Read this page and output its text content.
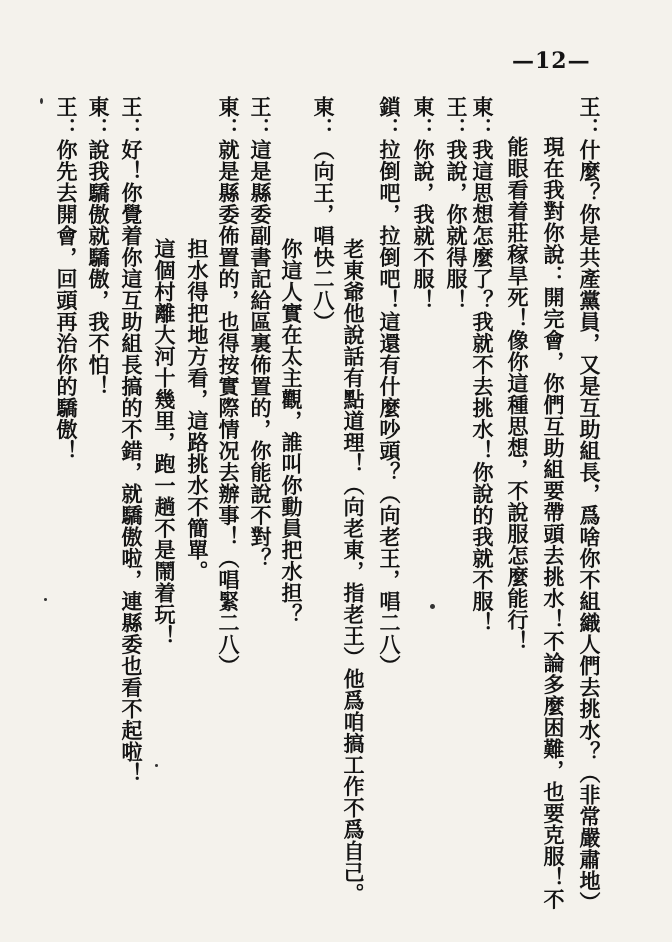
—12—
王：什麼？你是共產黨員，又是互助組長，爲啥你不組織人們去挑水？（非常嚴肅地）
現在我對你說：開完會，你們互助組要帶頭去挑水！不論多麼困難，也要克服！不
能眼看着莊稼旱死！像你這種思想，不說服怎麼能行！
東：我這思想怎麼了？我就不去挑水！你說的我就不服！
王：我說，你就得服！
東：你說，我就不服！
鎖：拉倒吧，拉倒吧！這還有什麼吵頭？（向老王，唱二八）
老東爺他說話有點道理！（向老東，指老王）他爲咱搞工作不爲自己。
東：（向王，唱快二八）
你這人實在太主觀，誰叫你動員把水担？
王：這是縣委副書記給區裏佈置的，你能說不對？
東：就是縣委佈置的，也得按實際情况去辦事！（唱緊二八）
担水得把地方看，這路挑水不簡單。
這個村離大河十幾里，跑一趟不是鬧着玩！
王：好！你覺着你這互助組長搞的不錯，就驕傲啦，連縣委也看不起啦！
東：說我驕傲就驕傲，我不怕！
王：你先去開會，回頭再治你的驕傲！
